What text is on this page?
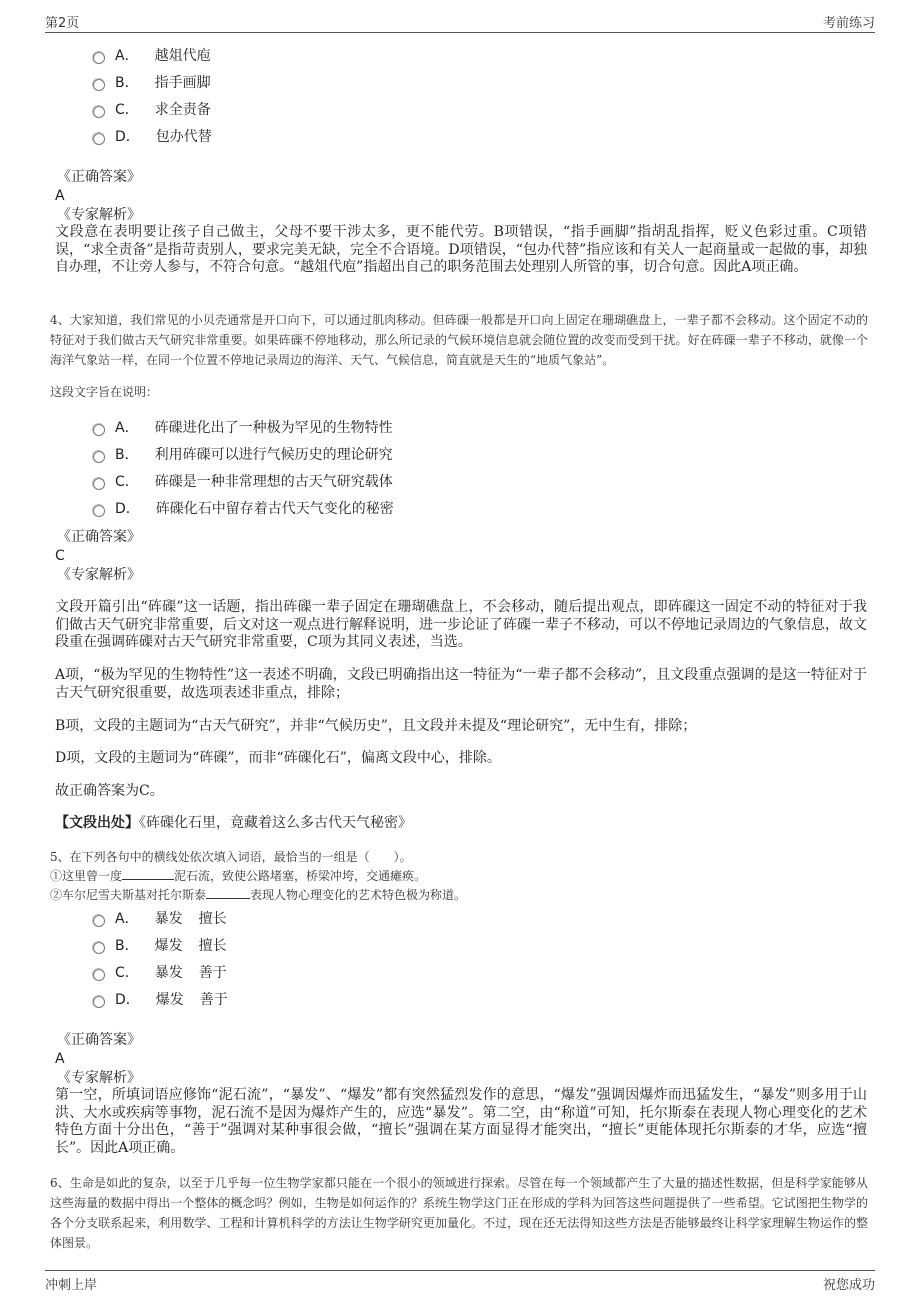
第2页	考前练习
A． 越俎代庖
B． 指手画脚
C． 求全责备
D． 包办代替
《正确答案》
A
《专家解析》
文段意在表明要让孩子自己做主，父母不要干涉太多，更不能代劳。B项错误，“指手画脚”指胡乱指挥，贬义色彩过重。C项错误，“求全责备”是指苛责别人，要求完美无缺，完全不合语境。D项错误，“包办代替”指应该和有关人一起商量或一起做的事，却独自办理，不让旁人参与，不符合句意。“越俎代庖”指超出自己的职务范围去处理别人所管的事，切合句意。因此A项正确。
4、大家知道，我们常见的小贝壳通常是开口向下，可以通过肌肉移动。但砗磲一般都是开口向上固定在珊瑚礁盘上，一辈子都不会移动。这个固定不动的特征对于我们做古天气研究非常重要。如果砗磲不停地移动，那么所记录的气候环境信息就会随位置的改变而受到干扰。好在砗磲一辈子不移动，就像一个海洋气象站一样，在同一个位置不停地记录周边的海洋、天气、气候信息，简直就是天生的“地质气象站”。
这段文字旨在说明：
A． 砗磲进化出了一种极为罕见的生物特性
B． 利用砗磲可以进行气候历史的理论研究
C． 砗磲是一种非常理想的古天气研究载体
D． 砗磲化石中留存着古代天气变化的秘密
《正确答案》
C
《专家解析》
文段开篇引出“砗磲”这一话题，指出砗磲一辈子固定在珊瑚礁盘上，不会移动，随后提出观点，即砗磲这一固定不动的特征对于我们做古天气研究非常重要，后文对这一观点进行解释说明，进一步论证了砗磲一辈子不移动，可以不停地记录周边的气象信息，故文段重在强调砗磲对古天气研究非常重要，C项为其同义表述，当选。
A项，“极为罕见的生物特性”这一表述不明确，文段已明确指出这一特征为“一辈子都不会移动”，且文段重点强调的是这一特征对于古天气研究很重要，故选项表述非重点，排除；
B项，文段的主题词为“古天气研究”，并非“气候历史”，且文段并未提及“理论研究”，无中生有，排除；
D项，文段的主题词为“砗磲”，而非“砗磲化石”，偏离文段中心，排除。
故正确答案为C。
【文段出处】《砗磲化石里，竟藏着这么多古代天气秘密》
5、在下列各句中的横线处依次填入词语，最恰当的一组是（　　）。
①这里曾一度	泥石流，致使公路堵塞，桥梁冲垮，交通瘫痪。
②车尔尼雪夫斯基对托尔斯泰	表现人物心理变化的艺术特色极为称道。
A． 暴发 擅长
B． 爆发 擅长
C． 暴发 善于
D． 爆发 善于
《正确答案》
A
《专家解析》
第一空，所填词语应修饰“泥石流”，“暴发”、“爆发”都有突然猛烈发作的意思，“爆发”强调因爆炸而迅猛发生，“暴发”则多用于山洪、大水或疾病等事物，泥石流不是因为爆炸产生的，应选“暴发”。第二空，由“称道”可知，托尔斯泰在表现人物心理变化的艺术特色方面十分出色，“善于”强调对某种事很会做，“擅长”强调在某方面显得才能突出，“擅长”更能体现托尔斯泰的才华，应选“擅长”。因此A项正确。
6、生命是如此的复杂，以至于几乎每一位生物学家都只能在一个很小的领域进行探索。尽管在每一个领域都产生了大量的描述性数据，但是科学家能够从这些海量的数据中得出一个整体的概念吗？例如，生物是如何运作的？系统生物学这门正在形成的学科为回答这些问题提供了一些希望。它试图把生物学的各个分支联系起来，利用数学、工程和计算机科学的方法让生物学研究更加量化。不过，现在还无法得知这些方法是否能够最终让科学家理解生物运作的整体图景。
冲刺上岸	祝您成功
